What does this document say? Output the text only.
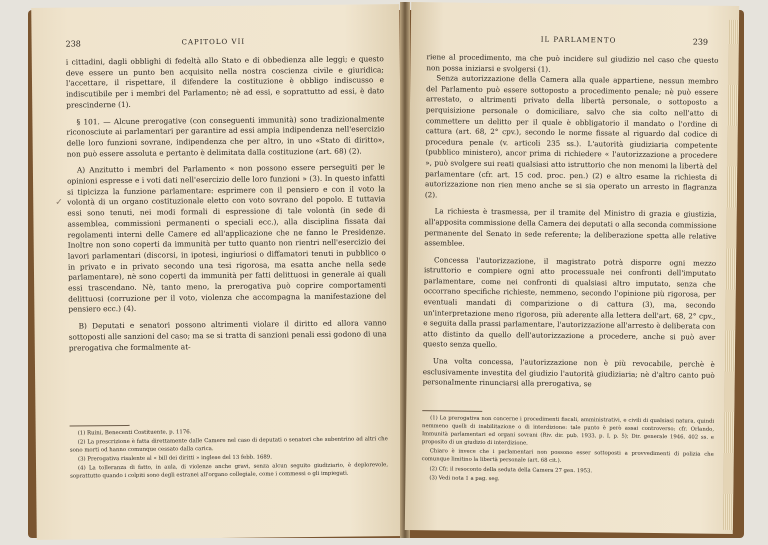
238	CAPITOLO VII
✓

i cittadini, dagli obblighi di fedeltà allo Stato e di obbedienza alle leggi; e questo deve essere un punto ben acquisito nella nostra coscienza civile e giuridica; l'accettare, il rispettare, il difendere la costituzione è obbligo indiscusso e indiscutibile per i membri del Parlamento; nè ad essi, e soprattutto ad essi, è dato prescinderne (1).

§ 101. — Alcune prerogative (con conseguenti immunità) sono tradizionalmente riconosciute ai parlamentari per garantire ad essi ampia indipendenza nell'esercizio delle loro funzioni sovrane, indipendenza che per altro, in uno «Stato di diritto», non può essere assoluta e pertanto è delimitata dalla costituzione (art. 68) (2).

A) Anzitutto i membri del Parlamento « non possono essere perseguiti per le opinioni espresse e i voti dati nell'esercizio delle loro funzioni » (3). In questo infatti si tipicizza la funzione parlamentare: esprimere con il pensiero e con il voto la volontà di un organo costituzionale eletto con voto sovrano del popolo. E tuttavia essi sono tenuti, nei modi formali di espressione di tale volontà (in sede di assemblea, commissioni permanenti o speciali ecc.), alla disciplina fissata dai regolamenti interni delle Camere ed all'applicazione che ne fanno le Presidenze. Inoltre non sono coperti da immunità per tutto quanto non rientri nell'esercizio dei lavori parlamentari (discorsi, in ipotesi, ingiuriosi o diffamatori tenuti in pubblico o in privato e in privato secondo una tesi rigorosa, ma esatta anche nella sede parlamentare), nè sono coperti da immunità per fatti delittuosi in generale ai quali essi trascendano. Nè, tanto meno, la prerogativa può coprire comportamenti delittuosi (corruzione per il voto, violenza che accompagna la manifestazione del pensiero ecc.) (4).

B) Deputati e senatori possono altrimenti violare il diritto ed allora vanno sottoposti alle sanzioni del caso; ma se si tratta di sanzioni penali essi godono di una prerogativa che formalmente at-

(1) Ruini, Benecenti Costituente, p. 1176.

(2) La prescrizione è fatta direttamente dalle Camere nel caso di deputati o senatori che subentrino ad altri che sono morti od hanno comunque cessato dalla carica.

(3) Prerogativa risalente al « bill dei diritti » inglese del 13 febb. 1689.

(4) La tolleranza di fatto, in aula, di violenze anche gravi, senza alcun seguito giudiziario, è deplorevole, soprattutto quando i colpiti sono degli estranei all'organo collegiale, come i commessi o gli impiegati.

IL PARLAMENTO	239

riene al procedimento, ma che può incidere sul giudizio nel caso che questo non possa iniziarsi e svolgersi (1).

Senza autorizzazione della Camera alla quale appartiene, nessun membro del Parlamento può essere sottoposto a procedimento penale; nè può essere arrestato, o altrimenti privato della libertà personale, o sottoposto a perquisizione personale o domiciliare, salvo che sia colto nell'atto di commettere un delitto per il quale è obbligatorio il mandato o l'ordine di cattura (art. 68, 2° cpv.), secondo le norme fissate al riguardo dal codice di procedura penale (v. articoli 235 ss.). L'autorità giudiziaria competente (pubblico ministero), ancor prima di richiedere « l'autorizzazione a procedere », può svolgere sui reati qualsiasi atto istruttorio che non menomi la libertà del parlamentare (cfr. art. 15 cod. proc. pen.) (2) e altro esame la richiesta di autorizzazione non rien meno anche se si sia operato un arresto in flagranza (2).

La richiesta è trasmessa, per il tramite del Ministro di grazia e giustizia, all'apposita commissione della Camera dei deputati o alla seconda commissione permanente del Senato in sede referente; la deliberazione spetta alle relative assemblee.

Concessa l'autorizzazione, il magistrato potrà disporre ogni mezzo istruttorio e compiere ogni atto processuale nei confronti dell'imputato parlamentare, come nei confronti di qualsiasi altro imputato, senza che occorrano specifiche richieste, nemmeno, secondo l'opinione più rigorosa, per eventuali mandati di comparizione o di cattura (3), ma, secondo un'interpretazione meno rigorosa, più aderente alla lettera dell'art. 68, 2° cpv., e seguita dalla prassi parlamentare, l'autorizzazione all'arresto è deliberata con atto distinto da quello dell'autorizzazione a procedere, anche si può aver questo senza quello.

Una volta concessa, l'autorizzazione non è più revocabile, perchè è esclusivamente investita del giudizio l'autorità giudiziaria; nè d'altro canto può personalmente rinunciarsi alla prerogativa, se

(1) La prerogativa non concerne i procedimenti fiscali, amministrativi, e civili di qualsiasi natura, quindi nemmeno quelli di inabilitazione o di interdizione: tale punto è però assai controverso; cfr. Orlando, Immunità parlamentari ed organi sovrani (Riv. dir. pub. 1933, p. I, p. 5); Dir. generale 1946, 402 ss. e proposito di un giudizio di interdizione.

Chiaro è invece che i parlamentari non possono esser sottoposti a provvedimenti di polizia che comunque limitino la libertà personale (art. 68 cit.).

(2) Cfr. il resoconto della seduta della Camera 27 gen. 1953.

(3) Vedi nota 1 a pag. seg.
